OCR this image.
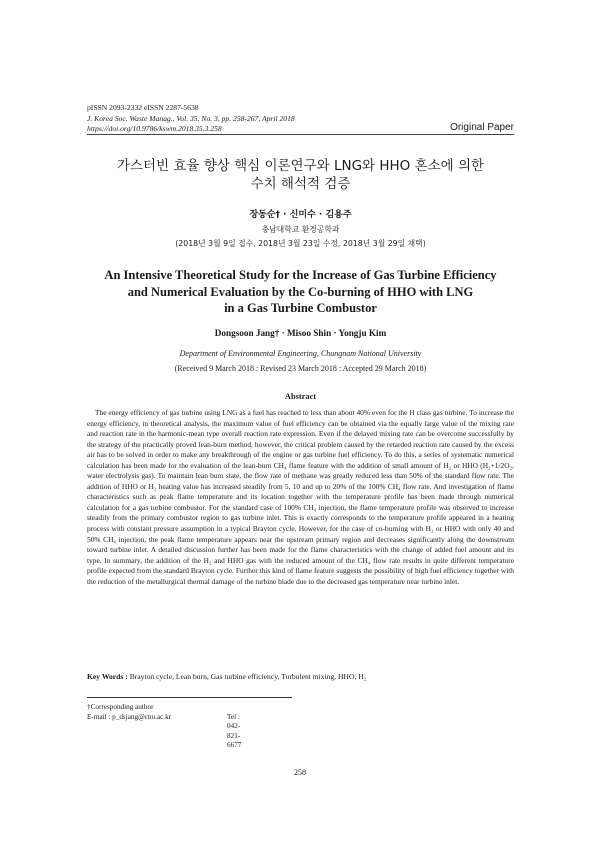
pISSN 2093-2332 eISSN 2287-5638
J. Korea Soc. Waste Manag., Vol. 35, No. 3, pp. 258-267, April 2018
https://doi.org/10.9786/kswm.2018.35.3.258	Original Paper
가스터빈 효율 향상 핵심 이론연구와 LNG와 HHO 혼소에 의한
수치 해석적 검증
장동순† · 신미수 · 김용주
충남대학교 환경공학과
(2018년 3월 9일 접수, 2018년 3월 23일 수정, 2018년 3월 29일 채택)
An Intensive Theoretical Study for the Increase of Gas Turbine Efficiency
and Numerical Evaluation by the Co-burning of HHO with LNG
in a Gas Turbine Combustor
Dongsoon Jang† · Misoo Shin · Yongju Kim
Department of Environmental Engineering, Chungnam National University
(Received 9 March 2018 : Revised 23 March 2018 : Accepted 29 March 2018)
Abstract

The energy efficiency of gas turbine using LNG as a fuel has reached to less than about 40% even for the H class gas turbine. To increase the energy efficiency, in theoretical analysis, the maximum value of fuel efficiency can be obtained via the equally large value of the mixing rate and reaction rate in the harmonic-mean type overall reaction rate expression. Even if the delayed mixing rate can be overcome successfully by the strategy of the practically proved lean-burn method, however, the critical problem caused by the retarded reaction rate caused by the excess air has to be solved in order to make any breakthrough of the engine or gas turbine fuel efficiency. To do this, a series of systematic numerical calculation has been made for the evaluation of the lean-burn CH₄ flame feature with the addition of small amount of H₂ or HHO (H₂+1/2O₂, water electrolysis gas). To maintain lean burn state, the flow rate of methane was greatly reduced less than 50% of the standard flow rate. The addition of HHO or H₂ heating value has increased steadily from 5, 10 and up to 20% of the 100% CH₄ flow rate. And investigation of flame characteristics such as peak flame temperature and its location together with the temperature profile has been made through numerical calculation for a gas turbine combustor. For the standard case of 100% CH₄ injection, the flame temperature profile was observed to increase steadily from the primary combustor region to gas turbine inlet. This is exactly corresponds to the temperature profile appeared in a heating process with constant pressure assumption in a typical Brayton cycle. However, for the case of co-burning with H₂ or HHO with only 40 and 50% CH₄ injection, the peak flame temperature appears near the upstream primary region and decreases significantly along the downstream toward turbine inlet. A detailed discussion further has been made for the flame characteristics with the change of added fuel amount and its type. In summary, the addition of the H₂ and HHO gas with the reduced amount of the CH₄ flow rate results in quite different temperature profile expected from the standard Brayton cycle. Further this kind of flame feature suggests the possibility of high fuel efficiency together with the reduction of the metallurgical thermal damage of the turbine blade due to the decreased gas temperature near turbine inlet.

Key Words : Brayton cycle, Lean burn, Gas turbine efficiency, Turbulent mixing, HHO, H₂
†Corresponding author
E-mail : p_dsjang@cnu.ac.kr	Tel : 042-821-6677
258
